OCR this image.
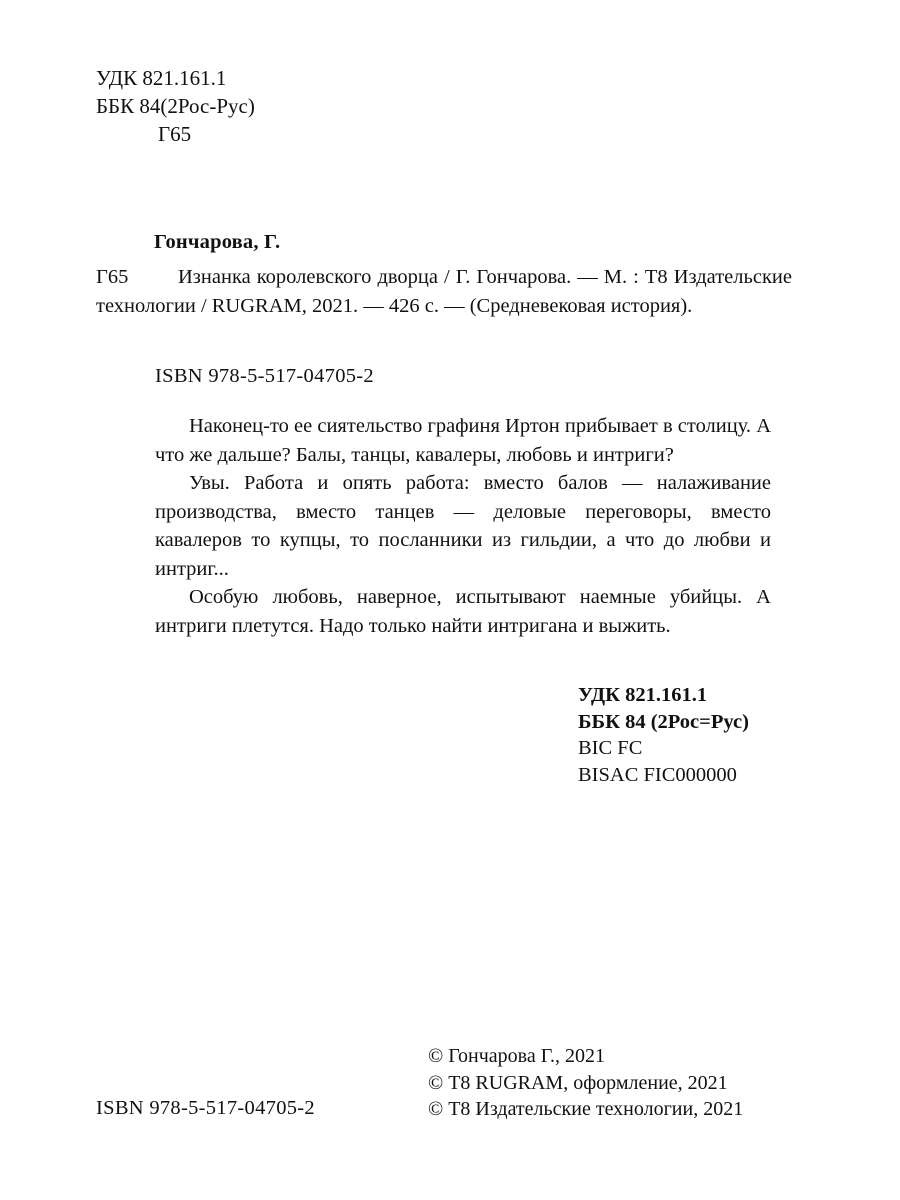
УДК 821.161.1
ББК 84(2Рос-Рус)
Г65
Гончарова, Г.
Г65	Изнанка королевского дворца / Г. Гончарова. — М. : Т8 Издательские технологии / RUGRAM, 2021. — 426 с. — (Средневековая история).
ISBN 978-5-517-04705-2

Наконец-то ее сиятельство графиня Иртон прибывает в столицу. А что же дальше? Балы, танцы, кавалеры, любовь и интриги?

Увы. Работа и опять работа: вместо балов — налаживание производства, вместо танцев — деловые переговоры, вместо кавалеров то купцы, то посланники из гильдии, а что до любви и интриг...

Особую любовь, наверное, испытывают наемные убийцы. А интриги плетутся. Надо только найти интригана и выжить.

УДК 821.161.1
ББК 84 (2Рос=Рус)
BIC FC
BISAC FIC000000
© Гончарова Г., 2021
© Т8 RUGRAM, оформление, 2021
© Т8 Издательские технологии, 2021
ISBN 978-5-517-04705-2
